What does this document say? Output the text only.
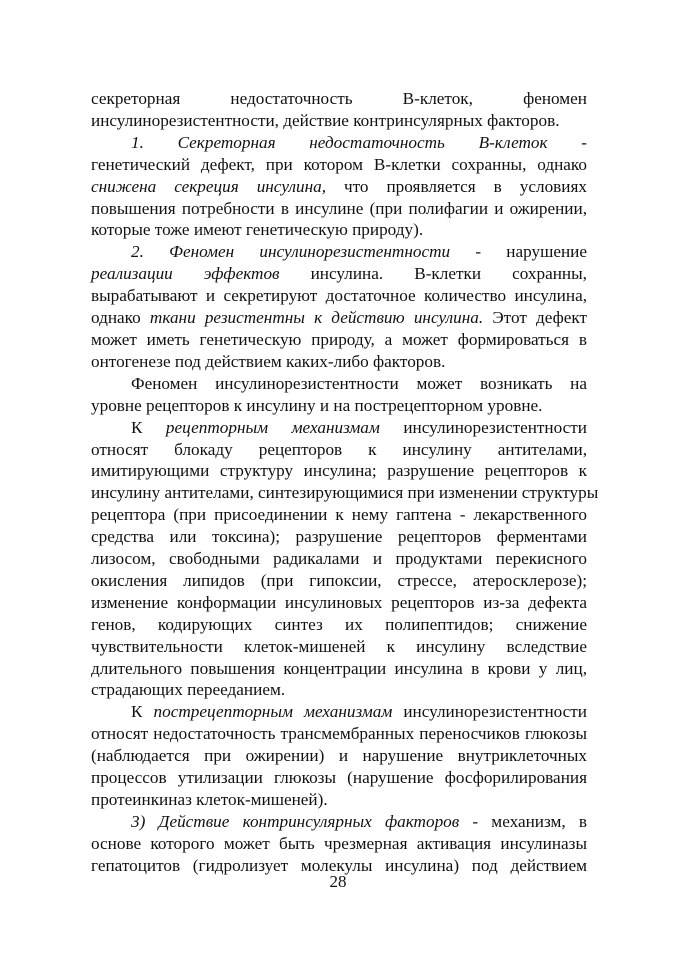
секреторная недостаточность В-клеток, феномен
инсулинорезистентности, действие контринсулярных факторов.
1. Секреторная недостаточность В-клеток -
генетический дефект, при котором В-клетки сохранны, однако
снижена секреция инсулина, что проявляется в условиях
повышения потребности в инсулине (при полифагии и ожирении,
которые тоже имеют генетическую природу).
2. Феномен инсулинорезистентности - нарушение
реализации эффектов инсулина. В-клетки сохранны,
вырабатывают и секретируют достаточное количество инсулина,
однако ткани резистентны к действию инсулина. Этот дефект
может иметь генетическую природу, а может формироваться в
онтогенезе под действием каких-либо факторов.
Феномен инсулинорезистентности может возникать на
уровне рецепторов к инсулину и на пострецепторном уровне.
К рецепторным механизмам инсулинорезистентности
относят блокаду рецепторов к инсулину антителами,
имитирующими структуру инсулина; разрушение рецепторов к
инсулину антителами, синтезирующимися при изменении структуры
рецептора (при присоединении к нему гаптена - лекарственного
средства или токсина); разрушение рецепторов ферментами
лизосом, свободными радикалами и продуктами перекисного
окисления липидов (при гипоксии, стрессе, атеросклерозе);
изменение конформации инсулиновых рецепторов из-за дефекта
генов, кодирующих синтез их полипептидов; снижение
чувствительности клеток-мишеней к инсулину вследствие
длительного повышения концентрации инсулина в крови у лиц,
страдающих перееданием.
К пострецепторным механизмам инсулинорезистентности
относят недостаточность трансмембранных переносчиков глюкозы
(наблюдается при ожирении) и нарушение внутриклеточных
процессов утилизации глюкозы (нарушение фосфорилирования
протеинкиназ клеток-мишеней).
3) Действие контринсулярных факторов - механизм, в
основе которого может быть чрезмерная активация инсулиназы
гепатоцитов (гидролизует молекулы инсулина) под действием
28
